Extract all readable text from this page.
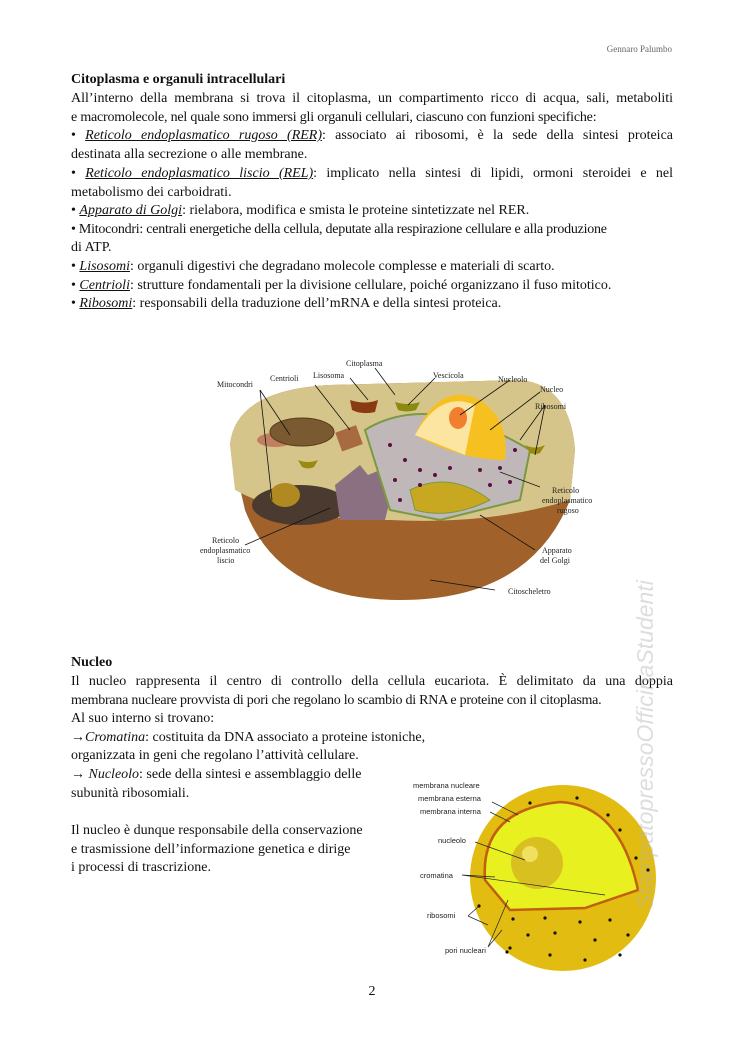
Gennaro Palumbo
Citoplasma e organuli intracellulari
All’interno della membrana si trova il citoplasma, un compartimento ricco di acqua, sali, metaboliti
e macromolecole, nel quale sono immersi gli organuli cellulari, ciascuno con funzioni specifiche:
• Reticolo endoplasmatico rugoso (RER): associato ai ribosomi, è la sede della sintesi proteica
destinata alla secrezione o alle membrane.
• Reticolo endoplasmatico liscio (REL): implicato nella sintesi di lipidi, ormoni steroidei e nel
metabolismo dei carboidrati.
• Apparato di Golgi: rielabora, modifica e smista le proteine sintetizzate nel RER.
• Mitocondri: centrali energetiche della cellula, deputate alla respirazione cellulare e alla produzione
di ATP.
• Lisosomi: organuli digestivi che degradano molecole complesse e materiali di scarto.
• Centrioli: strutture fondamentali per la divisione cellulare, poiché organizzano il fuso mitotico.
• Ribosomi: responsabili della traduzione dell’mRNA e della sintesi proteica.
Mitocondri
Centrioli Lisosoma
Citoplasma
Vescicola	Nucleolo
Nucleo
Ribosomi
Reticolo endoplasmatico rugoso
Reticolo endoplasmatico liscio
Apparato del Golgi
Citoscheletro
Nucleo
Il nucleo rappresenta il centro di controllo della cellula eucariota. È delimitato da una doppia
membrana nucleare provvista di pori che regolano lo scambio di RNA e proteine con il citoplasma.
Al suo interno si trovano:
→Cromatina: costituita da DNA associato a proteine istoniche,
organizzata in geni che regolano l’attività cellulare.
→ Nucleolo: sede della sintesi e assemblaggio delle
subunità ribosomiali.
Il nucleo è dunque responsabile della conservazione
e trasmissione dell’informazione genetica e dirige
i processi di trascrizione.
membrana nucleare
membrana esterna
membrana interna
nucleolo
cromatina
ribosomi
pori nucleari
StampatopressoOfficinaStudenti
2
